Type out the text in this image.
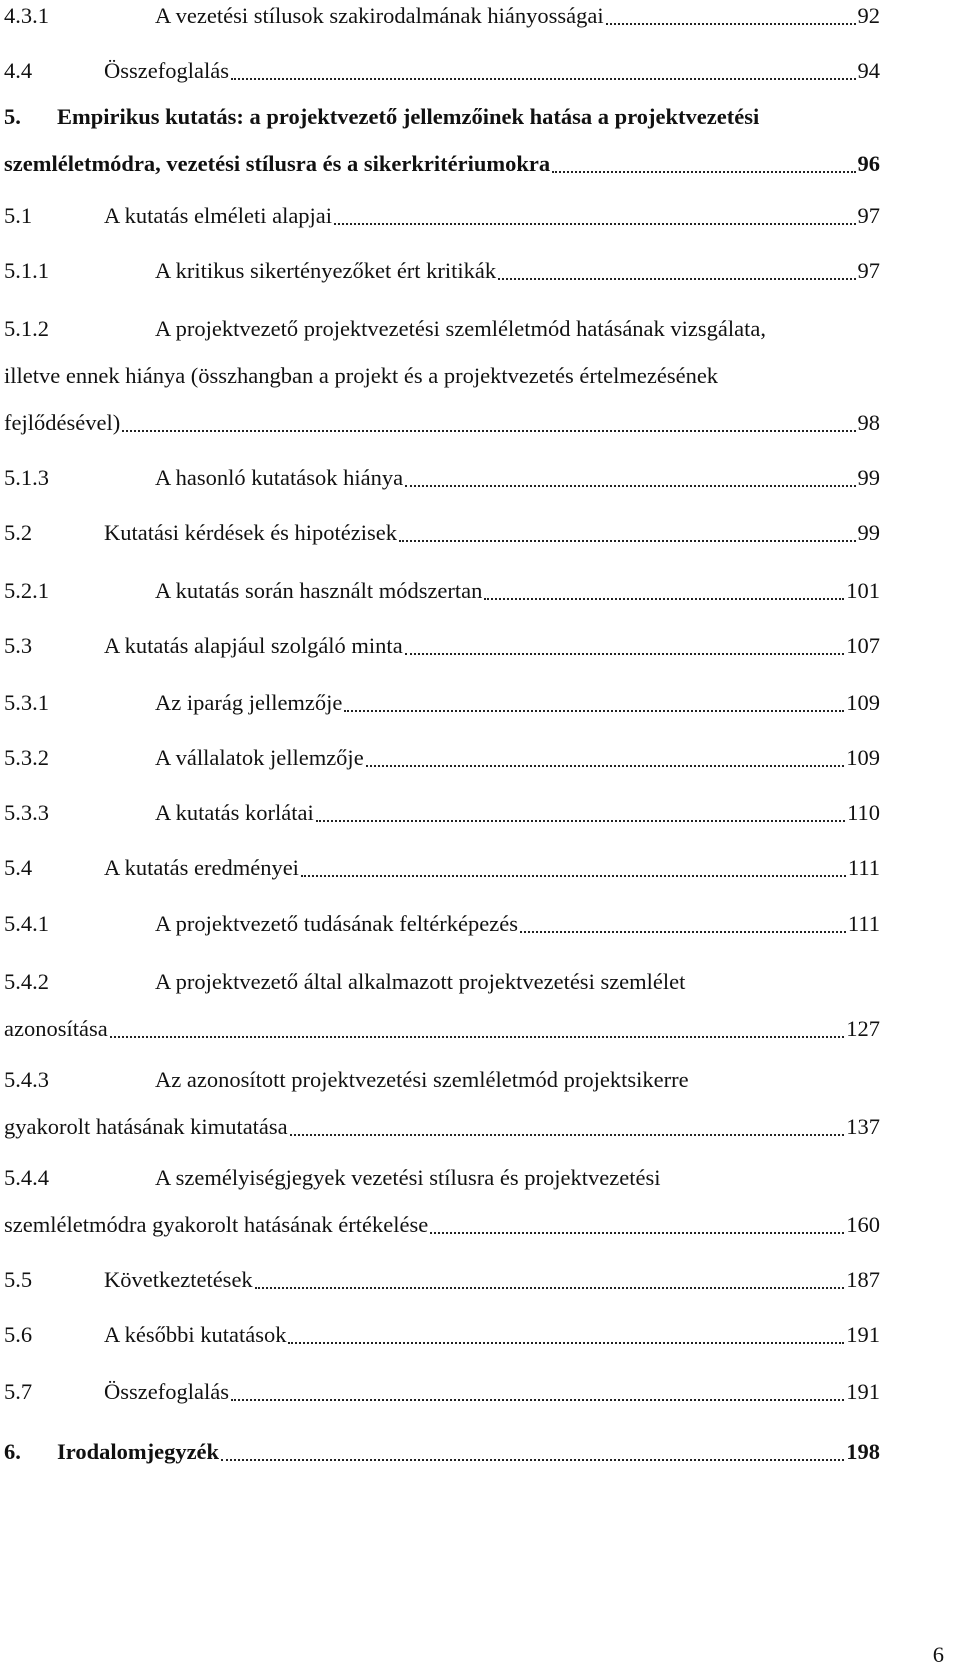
4.3.1	A vezetési stílusok szakirodalmának hiányosságai	92
4.4	Összefoglalás	94
5.	Empirikus kutatás: a projektvezető jellemzőinek hatása a projektvezetési
szemléletmódra, vezetési stílusra és a sikerkritériumokra	96
5.1	A kutatás elméleti alapjai	97
5.1.1	A kritikus sikertényezőket ért kritikák	97
5.1.2	A projektvezető projektvezetési szemléletmód hatásának vizsgálata,
illetve ennek hiánya (összhangban a projekt és a projektvezetés értelmezésének
fejlődésével)	98
5.1.3	A hasonló kutatások hiánya	99
5.2	Kutatási kérdések és hipotézisek	99
5.2.1	A kutatás során használt módszertan	101
5.3	A kutatás alapjául szolgáló minta	107
5.3.1	Az iparág jellemzője	109
5.3.2	A vállalatok jellemzője	109
5.3.3	A kutatás korlátai	110
5.4	A kutatás eredményei	111
5.4.1	A projektvezető tudásának feltérképezés	111
5.4.2	A projektvezető által alkalmazott projektvezetési szemlélet
azonosítása	127
5.4.3	Az azonosított projektvezetési szemléletmód projektsikerre
gyakorolt hatásának kimutatása	137
5.4.4	A személyiségjegyek vezetési stílusra és projektvezetési
szemléletmódra gyakorolt hatásának értékelése	160
5.5	Következtetések	187
5.6	A későbbi kutatások	191
5.7	Összefoglalás	191
6.	Irodalomjegyzék	198
6
